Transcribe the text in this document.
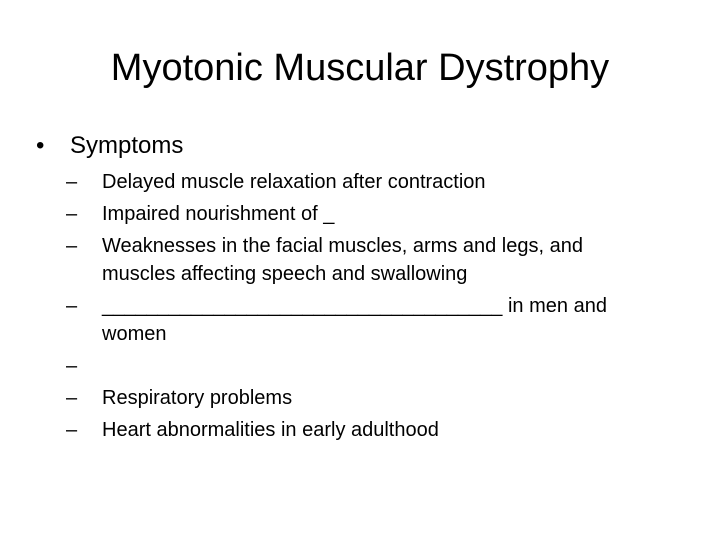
Myotonic Muscular Dystrophy
• Symptoms
– Delayed muscle relaxation after contraction
– Impaired nourishment of _
– Weaknesses in the facial muscles, arms and legs, and muscles affecting speech and swallowing
– ____________________________________ in men and women
–

– Respiratory problems
– Heart abnormalities in early adulthood
